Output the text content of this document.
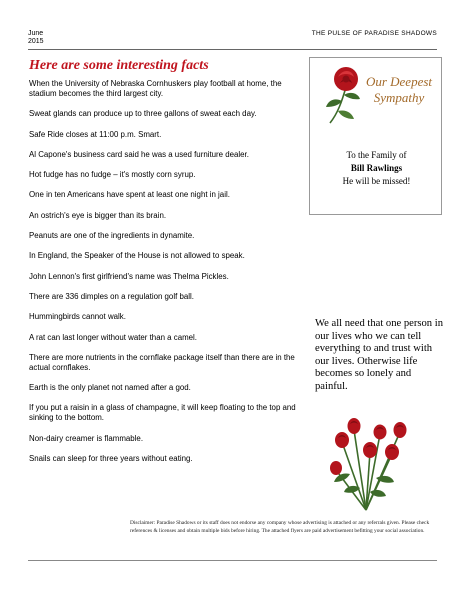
June
2015
THE PULSE OF PARADISE SHADOWS
Here are some interesting facts
When the University of Nebraska Cornhuskers play football at home, the stadium becomes the third largest city.
Sweat glands can produce up to three gallons of sweat each day.
Safe Ride closes at 11:00 p.m. Smart.
Al Capone's business card said he was a used furniture dealer.
Hot fudge has no fudge – it's mostly corn syrup.
One in ten Americans have spent at least one night in jail.
An ostrich's eye is bigger than its brain.
Peanuts are one of the ingredients in dynamite.
In England, the Speaker of the House is not allowed to speak.
John Lennon's first girlfriend's name was Thelma Pickles.
There are 336 dimples on a regulation golf ball.
Hummingbirds cannot walk.
A rat can last longer without water than a camel.
There are more nutrients in the cornflake package itself than there are in the actual cornflakes.
Earth is the only planet not named after a god.
If you put a raisin in a glass of champagne, it will keep floating to the top and sinking to the bottom.
Non-dairy creamer is flammable.
Snails can sleep for three years without eating.
Our Deepest
Sympathy
To the Family of
Bill Rawlings
He will be missed!
We all need that one person in our lives who we can tell everything to and trust with our lives. Otherwise life becomes so lonely and painful.
Disclaimer: Paradise Shadows or its staff does not endorse any company whose advertising is attached or any referrals given. Please check references & licenses and obtain multiple bids before hiring. The attached flyers are paid advertisement befitting your social association.
